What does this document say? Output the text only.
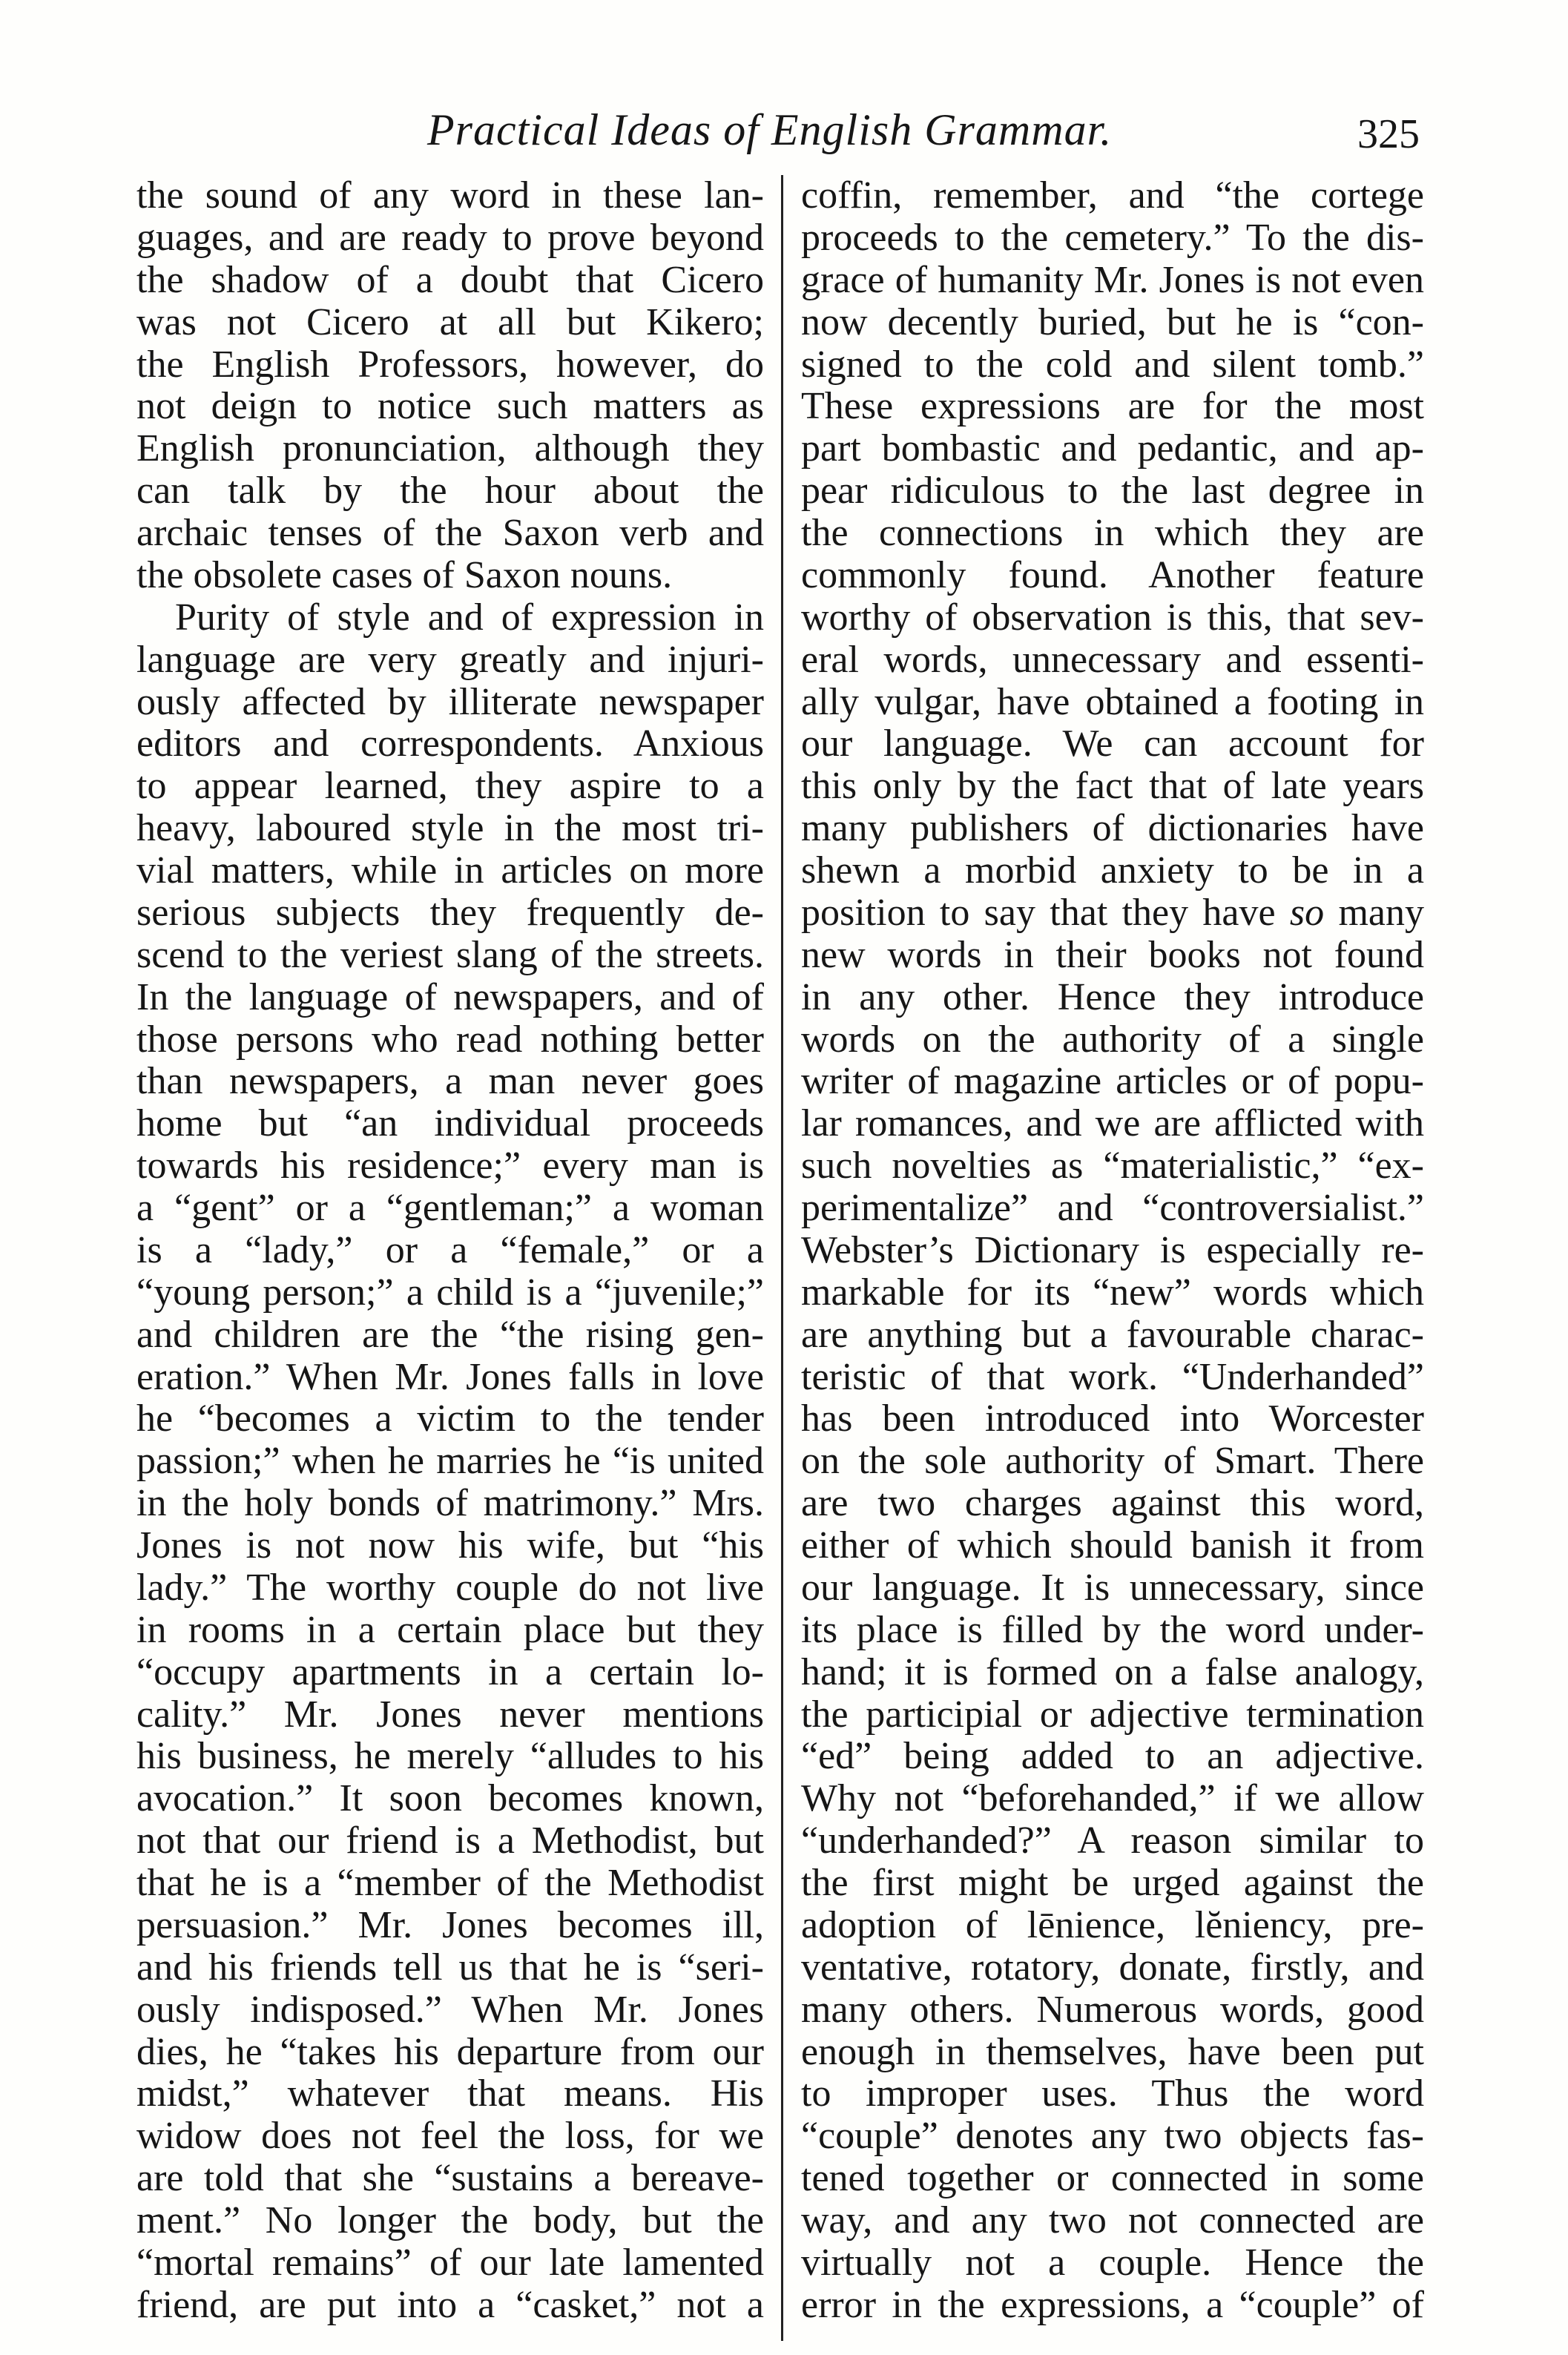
Practical Ideas of English Grammar.	325
the sound of any word in these lan-
guages, and are ready to prove beyond
the shadow of a doubt that Cicero
was not Cicero at all but Kikero;
the English Professors, however, do
not deign to notice such matters as
English pronunciation, although they
can talk by the hour about the
archaic tenses of the Saxon verb and
the obsolete cases of Saxon nouns.
Purity of style and of expression in
language are very greatly and injuri-
ously affected by illiterate newspaper
editors and correspondents. Anxious
to appear learned, they aspire to a
heavy, laboured style in the most tri-
vial matters, while in articles on more
serious subjects they frequently de-
scend to the veriest slang of the streets.
In the language of newspapers, and of
those persons who read nothing better
than newspapers, a man never goes
home but “an individual proceeds
towards his residence;” every man is
a “gent” or a “gentleman;” a woman
is a “lady,” or a “female,” or a
“young person;” a child is a “juvenile;”
and children are the “the rising gen-
eration.” When Mr. Jones falls in love
he “becomes a victim to the tender
passion;” when he marries he “is united
in the holy bonds of matrimony.” Mrs.
Jones is not now his wife, but “his
lady.” The worthy couple do not live
in rooms in a certain place but they
“occupy apartments in a certain lo-
cality.” Mr. Jones never mentions
his business, he merely “alludes to his
avocation.” It soon becomes known,
not that our friend is a Methodist, but
that he is a “member of the Methodist
persuasion.” Mr. Jones becomes ill,
and his friends tell us that he is “seri-
ously indisposed.” When Mr. Jones
dies, he “takes his departure from our
midst,” whatever that means. His
widow does not feel the loss, for we
are told that she “sustains a bereave-
ment.” No longer the body, but the
“mortal remains” of our late lamented
friend, are put into a “casket,” not a
coffin, remember, and “the cortege
proceeds to the cemetery.” To the dis-
grace of humanity Mr. Jones is not even
now decently buried, but he is “con-
signed to the cold and silent tomb.”
These expressions are for the most
part bombastic and pedantic, and ap-
pear ridiculous to the last degree in
the connections in which they are
commonly found. Another feature
worthy of observation is this, that sev-
eral words, unnecessary and essenti-
ally vulgar, have obtained a footing in
our language. We can account for
this only by the fact that of late years
many publishers of dictionaries have
shewn a morbid anxiety to be in a
position to say that they have so many
new words in their books not found
in any other. Hence they introduce
words on the authority of a single
writer of magazine articles or of popu-
lar romances, and we are afflicted with
such novelties as “materialistic,” “ex-
perimentalize” and “controversialist.”
Webster’s Dictionary is especially re-
markable for its “new” words which
are anything but a favourable charac-
teristic of that work. “Underhanded”
has been introduced into Worcester
on the sole authority of Smart. There
are two charges against this word,
either of which should banish it from
our language. It is unnecessary, since
its place is filled by the word under-
hand; it is formed on a false analogy,
the participial or adjective termination
“ed” being added to an adjective.
Why not “beforehanded,” if we allow
“underhanded?” A reason similar to
the first might be urged against the
adoption of lēnience, lĕniency, pre-
ventative, rotatory, donate, firstly, and
many others. Numerous words, good
enough in themselves, have been put
to improper uses. Thus the word
“couple” denotes any two objects fas-
tened together or connected in some
way, and any two not connected are
virtually not a couple. Hence the
error in the expressions, a “couple” of
